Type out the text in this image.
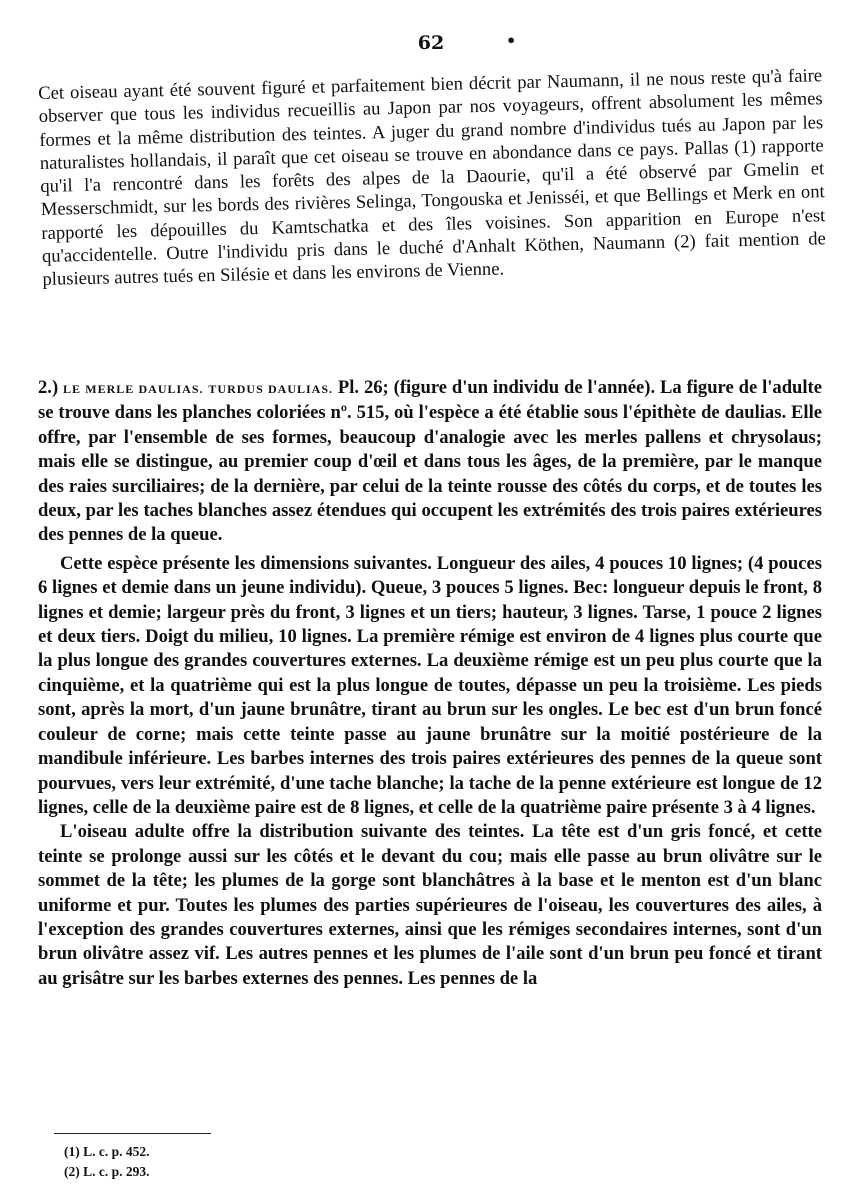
62	•

Cet oiseau ayant été souvent figuré et parfaitement bien décrit par Naumann, il ne nous reste qu'à faire observer que tous les individus recueillis au Japon par nos voyageurs, offrent absolument les mêmes formes et la même distribution des teintes. A juger du grand nombre d'individus tués au Japon par les naturalistes hollandais, il paraît que cet oiseau se trouve en abondance dans ce pays. Pallas (1) rapporte qu'il l'a rencontré dans les forêts des alpes de la Daourie, qu'il a été observé par Gmelin et Messerschmidt, sur les bords des rivières Selinga, Tongouska et Jenisséi, et que Bellings et Merk en ont rapporté les dépouilles du Kamtschatka et des îles voisines. Son apparition en Europe n'est qu'accidentelle. Outre l'individu pris dans le duché d'Anhalt Köthen, Naumann (2) fait mention de plusieurs autres tués en Silésie et dans les environs de Vienne.

2.) LE MERLE DAULIAS. TURDUS DAULIAS. Pl. 26; (figure d'un individu de l'année). La figure de l'adulte se trouve dans les planches coloriées nº. 515, où l'espèce a été établie sous l'épithète de daulias. Elle offre, par l'ensemble de ses formes, beaucoup d'analogie avec les merles pallens et chrysolaus; mais elle se distingue, au premier coup d'œil et dans tous les âges, de la première, par le manque des raies surciliaires; de la dernière, par celui de la teinte rousse des côtés du corps, et de toutes les deux, par les taches blanches assez étendues qui occupent les extrémités des trois paires extérieures des pennes de la queue.

Cette espèce présente les dimensions suivantes. Longueur des ailes, 4 pouces 10 lignes; (4 pouces 6 lignes et demie dans un jeune individu). Queue, 3 pouces 5 lignes. Bec: longueur depuis le front, 8 lignes et demie; largeur près du front, 3 lignes et un tiers; hauteur, 3 lignes. Tarse, 1 pouce 2 lignes et deux tiers. Doigt du milieu, 10 lignes. La première rémige est environ de 4 lignes plus courte que la plus longue des grandes couvertures externes. La deuxième rémige est un peu plus courte que la cinquième, et la quatrième qui est la plus longue de toutes, dépasse un peu la troisième. Les pieds sont, après la mort, d'un jaune brunâtre, tirant au brun sur les ongles. Le bec est d'un brun foncé couleur de corne; mais cette teinte passe au jaune brunâtre sur la moitié postérieure de la mandibule inférieure. Les barbes internes des trois paires extérieures des pennes de la queue sont pourvues, vers leur extrémité, d'une tache blanche; la tache de la penne extérieure est longue de 12 lignes, celle de la deuxième paire est de 8 lignes, et celle de la quatrième paire présente 3 à 4 lignes.

L'oiseau adulte offre la distribution suivante des teintes. La tête est d'un gris foncé, et cette teinte se prolonge aussi sur les côtés et le devant du cou; mais elle passe au brun olivâtre sur le sommet de la tête; les plumes de la gorge sont blanchâtres à la base et le menton est d'un blanc uniforme et pur. Toutes les plumes des parties supérieures de l'oiseau, les couvertures des ailes, à l'exception des grandes couvertures externes, ainsi que les rémiges secondaires internes, sont d'un brun olivâtre assez vif. Les autres pennes et les plumes de l'aile sont d'un brun peu foncé et tirant au grisâtre sur les barbes externes des pennes. Les pennes de la

(1) L. c. p. 452.
(2) L. c. p. 293.
